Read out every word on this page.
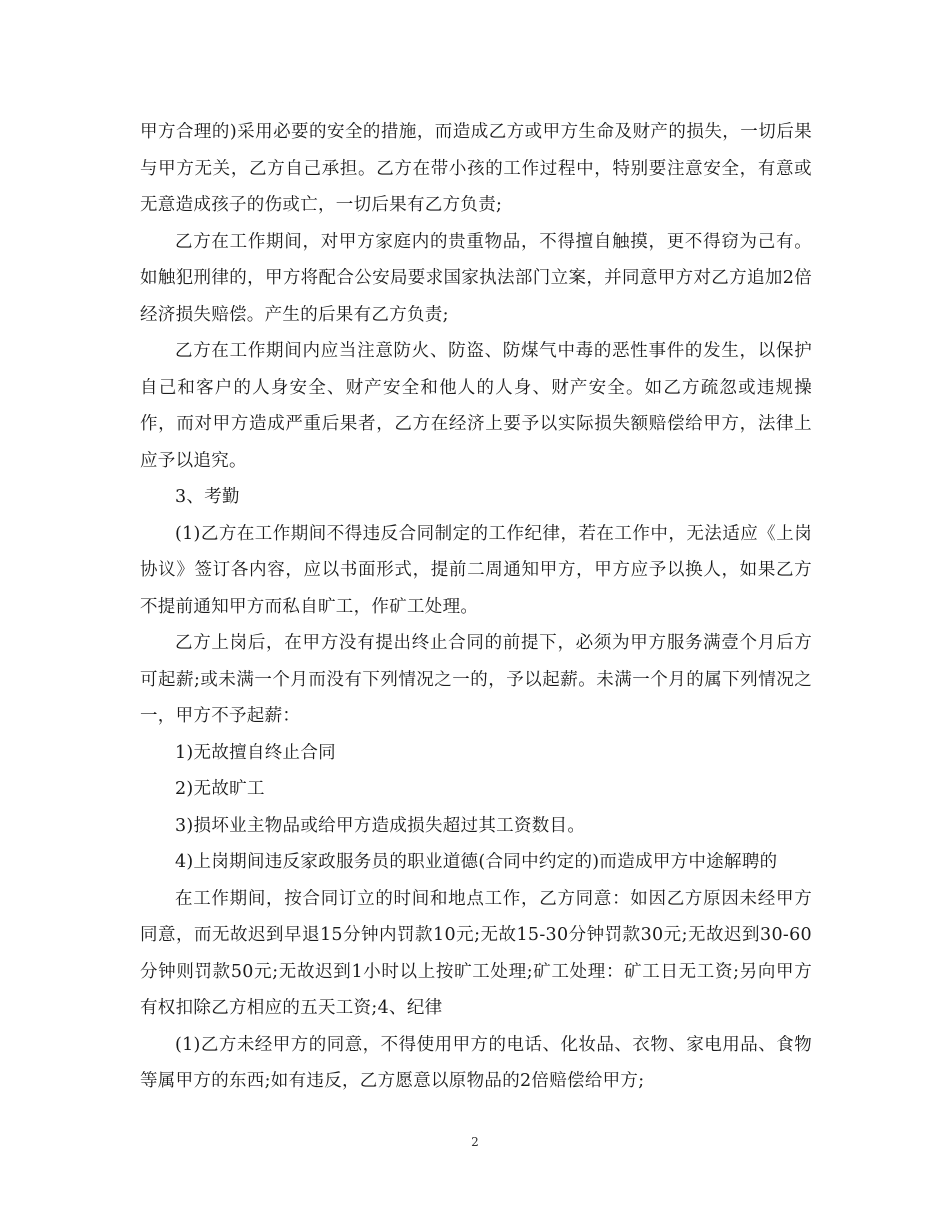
甲方合理的)采用必要的安全的措施，而造成乙方或甲方生命及财产的损失，一切后果与甲方无关，乙方自己承担。乙方在带小孩的工作过程中，特别要注意安全，有意或无意造成孩子的伤或亡，一切后果有乙方负责;

乙方在工作期间，对甲方家庭内的贵重物品，不得擅自触摸，更不得窃为己有。如触犯刑律的，甲方将配合公安局要求国家执法部门立案，并同意甲方对乙方追加2倍经济损失赔偿。产生的后果有乙方负责;

乙方在工作期间内应当注意防火、防盗、防煤气中毒的恶性事件的发生，以保护自己和客户的人身安全、财产安全和他人的人身、财产安全。如乙方疏忽或违规操作，而对甲方造成严重后果者，乙方在经济上要予以实际损失额赔偿给甲方，法律上应予以追究。

3、考勤

(1)乙方在工作期间不得违反合同制定的工作纪律，若在工作中，无法适应《上岗协议》签订各内容，应以书面形式，提前二周通知甲方，甲方应予以换人，如果乙方不提前通知甲方而私自旷工，作矿工处理。

乙方上岗后，在甲方没有提出终止合同的前提下，必须为甲方服务满壹个月后方可起薪;或未满一个月而没有下列情况之一的，予以起薪。未满一个月的属下列情况之一，甲方不予起薪：

1)无故擅自终止合同

2)无故旷工

3)损坏业主物品或给甲方造成损失超过其工资数目。

4)上岗期间违反家政服务员的职业道德(合同中约定的)而造成甲方中途解聘的

在工作期间，按合同订立的时间和地点工作，乙方同意：如因乙方原因未经甲方同意，而无故迟到早退15分钟内罚款10元;无故15-30分钟罚款30元;无故迟到30-60分钟则罚款50元;无故迟到1小时以上按旷工处理;矿工处理：矿工日无工资;另向甲方有权扣除乙方相应的五天工资;4、纪律

(1)乙方未经甲方的同意，不得使用甲方的电话、化妆品、衣物、家电用品、食物等属甲方的东西;如有违反，乙方愿意以原物品的2倍赔偿给甲方;

2
